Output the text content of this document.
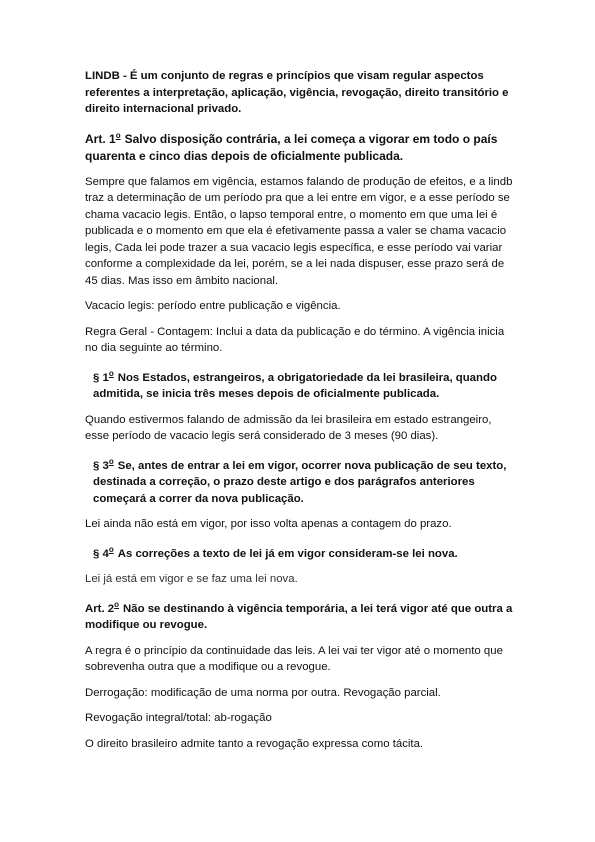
LINDB - É um conjunto de regras e princípios que visam regular aspectos referentes a interpretação, aplicação, vigência, revogação, direito transitório e direito internacional privado.

Art. 1$^o$ Salvo disposição contrária, a lei começa a vigorar em todo o país quarenta e cinco dias depois de oficialmente publicada.

Sempre que falamos em vigência, estamos falando de produção de efeitos, e a lindb traz a determinação de um período pra que a lei entre em vigor, e a esse período se chama vacacio legis. Então, o lapso temporal entre, o momento em que uma lei é publicada e o momento em que ela é efetivamente passa a valer se chama vacacio legis, Cada lei pode trazer a sua vacacio legis específica, e esse período vai variar conforme a complexidade da lei, porém, se a lei nada dispuser, esse prazo será de 45 dias. Mas isso em âmbito nacional.

Vacacio legis: período entre publicação e vigência.

Regra Geral - Contagem: Inclui a data da publicação e do término. A vigência inicia no dia seguinte ao término.

§ 1$^o$ Nos Estados, estrangeiros, a obrigatoriedade da lei brasileira, quando admitida, se inicia três meses depois de oficialmente publicada.

Quando estivermos falando de admissão da lei brasileira em estado estrangeiro, esse período de vacacio legis será considerado de 3 meses (90 dias).

§ 3$^o$ Se, antes de entrar a lei em vigor, ocorrer nova publicação de seu texto, destinada a correção, o prazo deste artigo e dos parágrafos anteriores começará a correr da nova publicação.

Lei ainda não está em vigor, por isso volta apenas a contagem do prazo.

§ 4$^o$ As correções a texto de lei já em vigor consideram-se lei nova.

Lei já está em vigor e se faz uma lei nova.

Art. 2$^o$ Não se destinando à vigência temporária, a lei terá vigor até que outra a modifique ou revogue.

A regra é o princípio da continuidade das leis. A lei vai ter vigor até o momento que sobrevenha outra que a modifique ou a revogue.

Derrogação: modificação de uma norma por outra. Revogação parcial.

Revogação integral/total: ab-rogação

O direito brasileiro admite tanto a revogação expressa como tácita.
